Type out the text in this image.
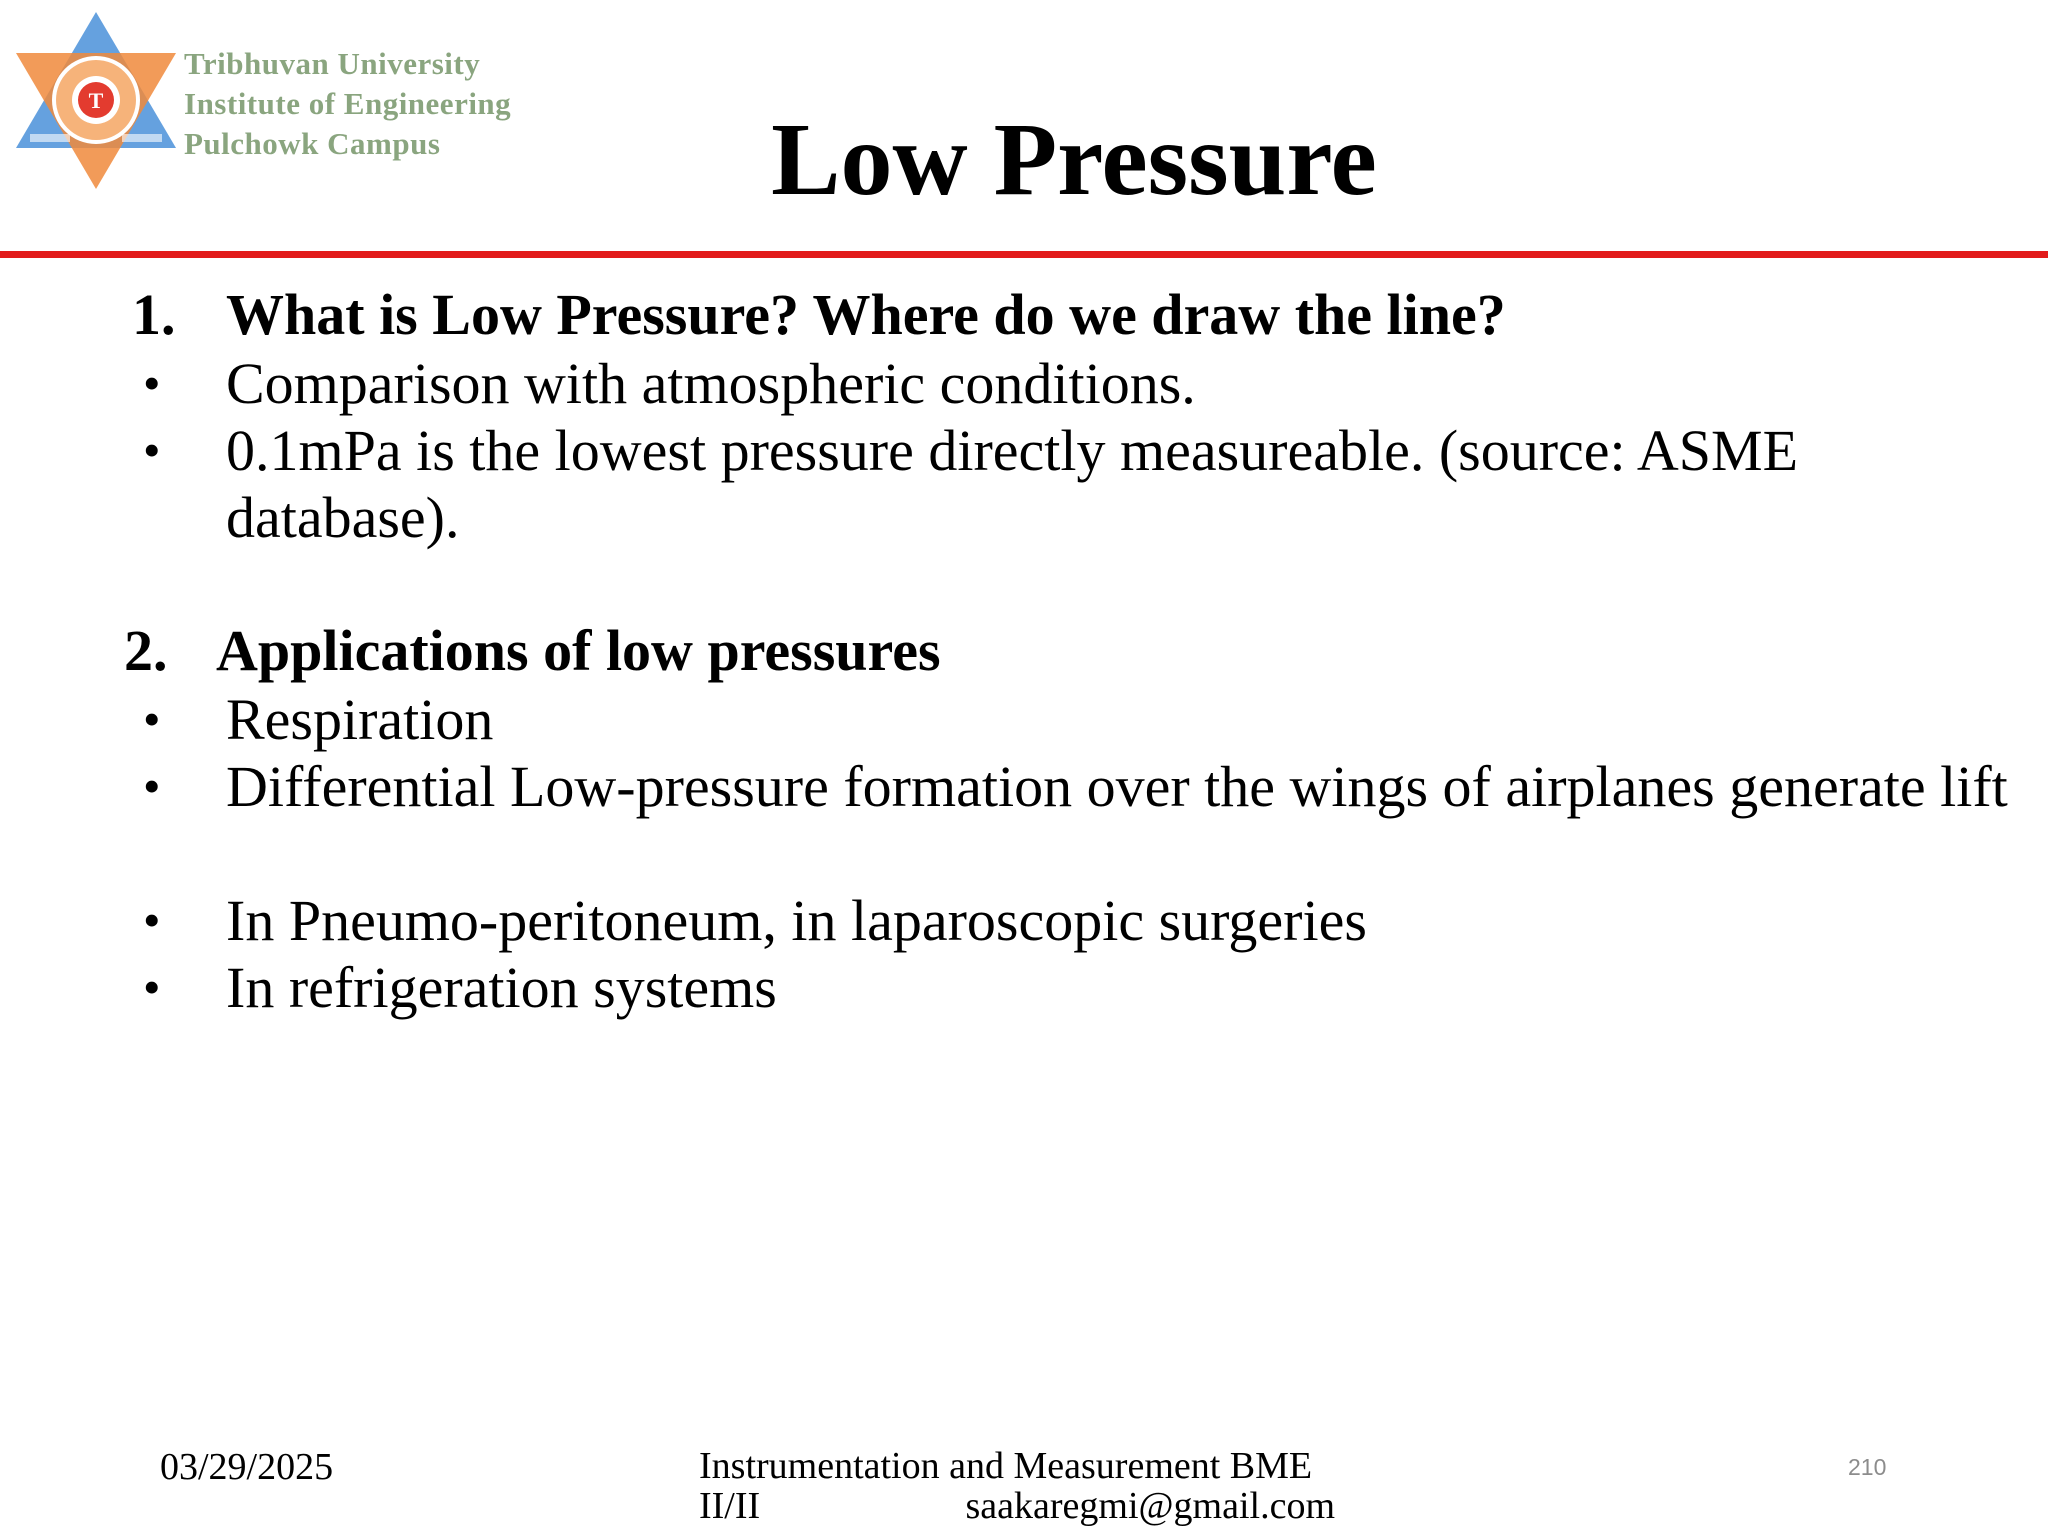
T
Tribhuvan University
Institute of Engineering
Pulchowk Campus	Low Pressure
1. What is Low Pressure? Where do we draw the line?
• Comparison with atmospheric conditions.
• 0.1mPa is the lowest pressure directly measureable. (source: ASME database).
2. Applications of low pressures
• Respiration
• Differential Low-pressure formation over the wings of airplanes generate lift
• In Pneumo-peritoneum, in laparoscopic surgeries
• In refrigeration systems
03/29/2025	Instrumentation and Measurement BME
II/II	saakaregmi@gmail.com
210
